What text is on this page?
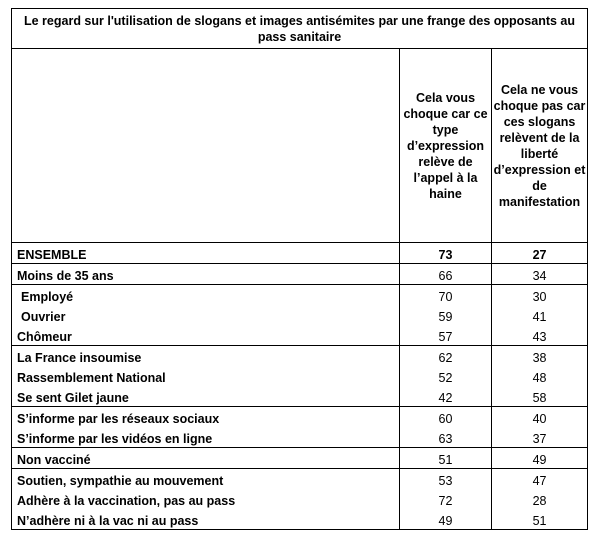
Le regard sur l'utilisation de slogans et images antisémites par une frange des opposants au pass sanitaire		
	Cela vous choque car ce type d’expression relève de l’appel à la haine	Cela ne vous choque pas car ces slogans relèvent de la liberté d’expression et de manifestation
ENSEMBLE	73	27
Moins de 35 ans	66	34
Employé	70	30
Ouvrier	59	41
Chômeur	57	43
La France insoumise	62	38
Rassemblement National	52	48
Se sent Gilet jaune	42	58
S’informe par les réseaux sociaux	60	40
S’informe par les vidéos en ligne	63	37
Non vacciné	51	49
Soutien, sympathie au mouvement	53	47
Adhère à la vaccination, pas au pass	72	28
N’adhère ni à la vac ni au pass	49	51
